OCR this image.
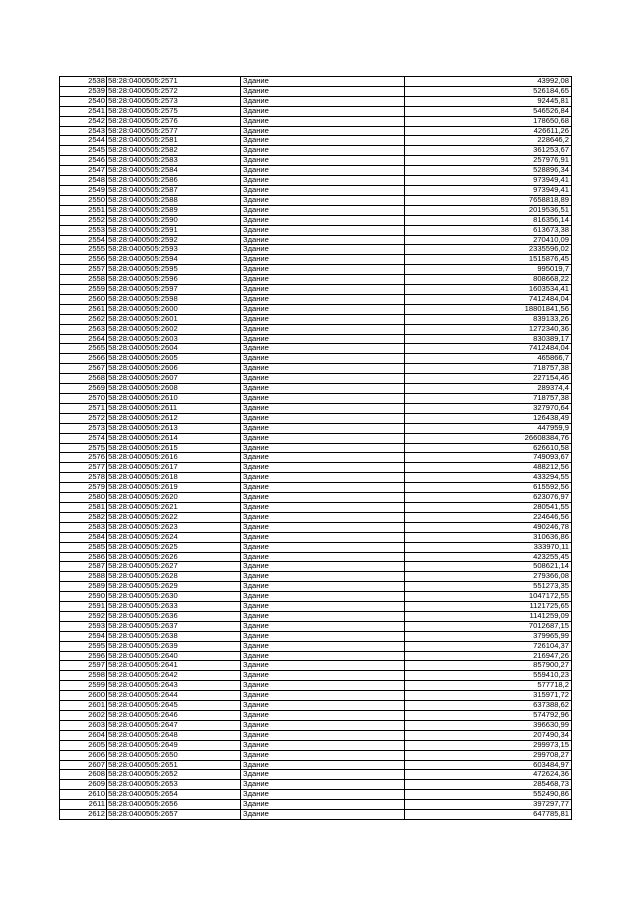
2538	58:28:0400505:2571	Здание	43992,08
2539	58:28:0400505:2572	Здание	526184,65
2540	58:28:0400505:2573	Здание	92445,81
2541	58:28:0400505:2575	Здание	546526,84
2542	58:28:0400505:2576	Здание	178650,68
2543	58:28:0400505:2577	Здание	426611,26
2544	58:28:0400505:2581	Здание	228646,2
2545	58:28:0400505:2582	Здание	361253,67
2546	58:28:0400505:2583	Здание	257976,91
2547	58:28:0400505:2584	Здание	528896,34
2548	58:28:0400505:2586	Здание	973949,41
2549	58:28:0400505:2587	Здание	973949,41
2550	58:28:0400505:2588	Здание	7658818,89
2551	58:28:0400505:2589	Здание	2019536,51
2552	58:28:0400505:2590	Здание	816356,14
2553	58:28:0400505:2591	Здание	613673,38
2554	58:28:0400505:2592	Здание	270410,09
2555	58:28:0400505:2593	Здание	2335596,02
2556	58:28:0400505:2594	Здание	1515876,45
2557	58:28:0400505:2595	Здание	995019,7
2558	58:28:0400505:2596	Здание	808668,22
2559	58:28:0400505:2597	Здание	1603534,41
2560	58:28:0400505:2598	Здание	7412484,04
2561	58:28:0400505:2600	Здание	18801841,56
2562	58:28:0400505:2601	Здание	839133,26
2563	58:28:0400505:2602	Здание	1272340,36
2564	58:28:0400505:2603	Здание	830389,17
2565	58:28:0400505:2604	Здание	7412484,04
2566	58:28:0400505:2605	Здание	465866,7
2567	58:28:0400505:2606	Здание	718757,38
2568	58:28:0400505:2607	Здание	227154,46
2569	58:28:0400505:2608	Здание	289374,4
2570	58:28:0400505:2610	Здание	718757,38
2571	58:28:0400505:2611	Здание	327970,64
2572	58:28:0400505:2612	Здание	126438,49
2573	58:28:0400505:2613	Здание	447959,9
2574	58:28:0400505:2614	Здание	26608384,76
2575	58:28:0400505:2615	Здание	626610,58
2576	58:28:0400505:2616	Здание	749093,67
2577	58:28:0400505:2617	Здание	488212,56
2578	58:28:0400505:2618	Здание	433294,55
2579	58:28:0400505:2619	Здание	615592,56
2580	58:28:0400505:2620	Здание	623076,97
2581	58:28:0400505:2621	Здание	280541,55
2582	58:28:0400505:2622	Здание	224646,56
2583	58:28:0400505:2623	Здание	490246,78
2584	58:28:0400505:2624	Здание	310636,86
2585	58:28:0400505:2625	Здание	333970,11
2586	58:28:0400505:2626	Здание	423255,45
2587	58:28:0400505:2627	Здание	508621,14
2588	58:28:0400505:2628	Здание	279366,08
2589	58:28:0400505:2629	Здание	551273,35
2590	58:28:0400505:2630	Здание	1047172,55
2591	58:28:0400505:2633	Здание	1121725,65
2592	58:28:0400505:2636	Здание	1141259,09
2593	58:28:0400505:2637	Здание	7012687,15
2594	58:28:0400505:2638	Здание	379965,99
2595	58:28:0400505:2639	Здание	726104,37
2596	58:28:0400505:2640	Здание	216947,26
2597	58:28:0400505:2641	Здание	857900,27
2598	58:28:0400505:2642	Здание	559410,23
2599	58:28:0400505:2643	Здание	577718,2
2600	58:28:0400505:2644	Здание	315971,72
2601	58:28:0400505:2645	Здание	637388,62
2602	58:28:0400505:2646	Здание	574792,96
2603	58:28:0400505:2647	Здание	396630,99
2604	58:28:0400505:2648	Здание	207490,34
2605	58:28:0400505:2649	Здание	299973,15
2606	58:28:0400505:2650	Здание	299708,27
2607	58:28:0400505:2651	Здание	603484,97
2608	58:28:0400505:2652	Здание	472624,36
2609	58:28:0400505:2653	Здание	285468,73
2610	58:28:0400505:2654	Здание	552490,86
2611	58:28:0400505:2656	Здание	397297,77
2612	58:28:0400505:2657	Здание	647785,81
